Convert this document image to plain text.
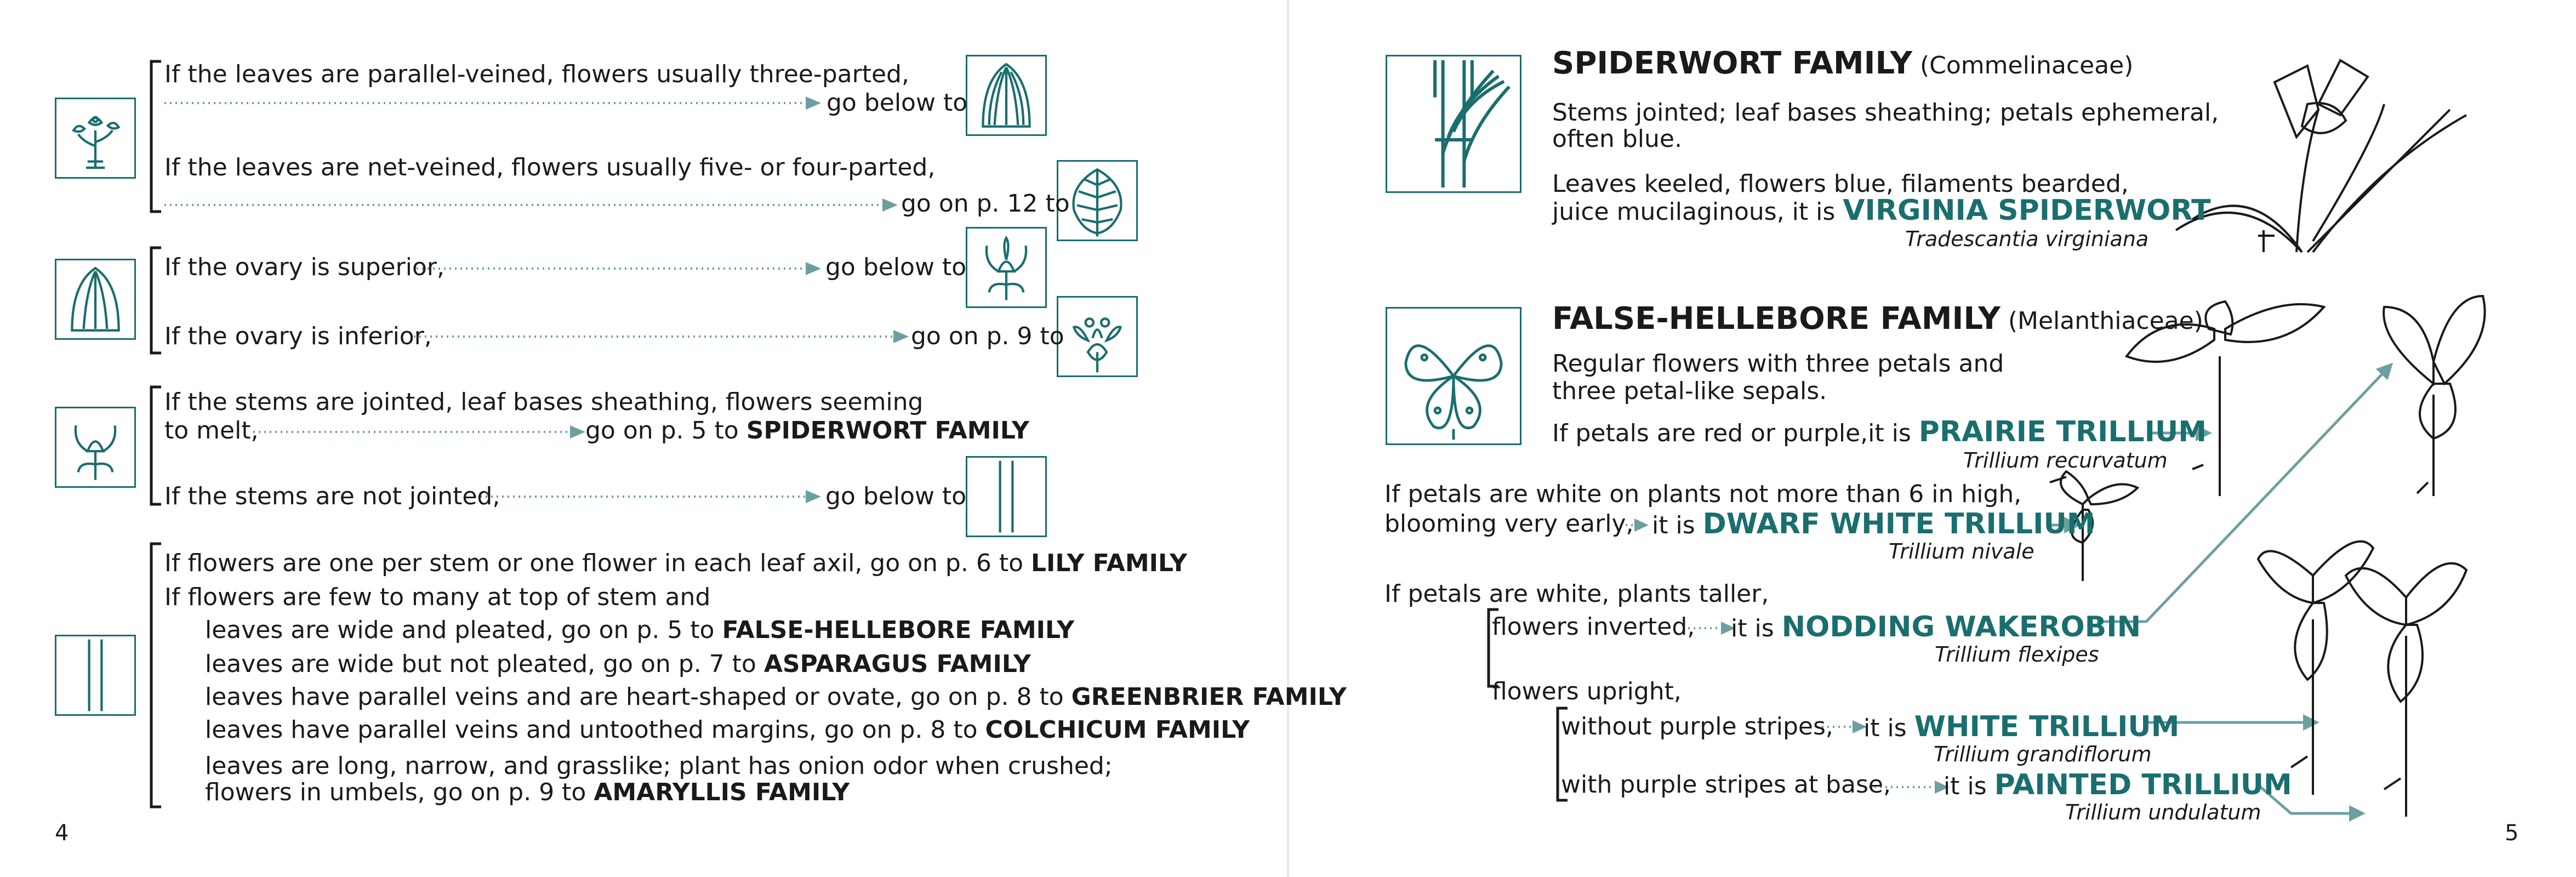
If the leaves are parallel-veined, flowers usually three-parted,
go below to
If the leaves are net-veined, flowers usually five- or four-parted,
go on p. 12 to
If the ovary is superior,	go below to
If the ovary is inferior,	go on p. 9 to
If the stems are jointed, leaf bases sheathing, flowers seeming
to melt,	go on p. 5 to SPIDERWORT FAMILY
If the stems are not jointed,	go below to
If flowers are one per stem or one flower in each leaf axil, go on p. 6 to LILY FAMILY
If flowers are few to many at top of stem and
leaves are wide and pleated, go on p. 5 to FALSE-HELLEBORE FAMILY
leaves are wide but not pleated, go on p. 7 to ASPARAGUS FAMILY
leaves have parallel veins and are heart-shaped or ovate, go on p. 8 to GREENBRIER FAMILY
leaves have parallel veins and untoothed margins, go on p. 8 to COLCHICUM FAMILY
leaves are long, narrow, and grasslike; plant has onion odor when crushed;
flowers in umbels, go on p. 9 to AMARYLLIS FAMILY
4
SPIDERWORT FAMILY (Commelinaceae)
Stems jointed; leaf bases sheathing; petals ephemeral,
often blue.
Leaves keeled, flowers blue, filaments bearded,
juice mucilaginous, it is VIRGINIA SPIDERWORT
Tradescantia virginiana
FALSE-HELLEBORE FAMILY (Melanthiaceae)
Regular flowers with three petals and
three petal-like sepals.
If petals are red or purple,it is PRAIRIE TRILLIUM
Trillium recurvatum
If petals are white on plants not more than 6 in high,
blooming very early, it is DWARF WHITE TRILLIUM
Trillium nivale
If petals are white, plants taller,
flowers inverted, it is NODDING WAKEROBIN
Trillium flexipes
flowers upright,
without purple stripes, it is WHITE TRILLIUM
Trillium grandiflorum
with purple stripes at base, it is PAINTED TRILLIUM
Trillium undulatum
5
